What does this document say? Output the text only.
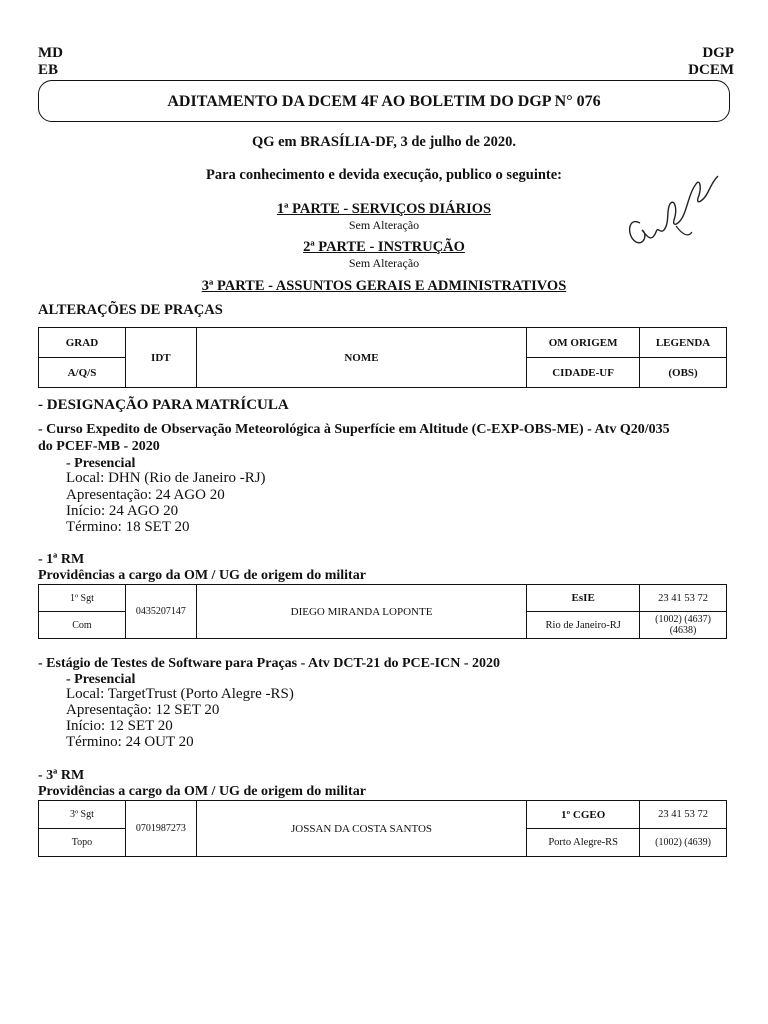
MD
EB
DGP
DCEM
ADITAMENTO DA DCEM 4F AO BOLETIM DO DGP N° 076
QG em BRASÍLIA-DF, 3 de julho de 2020.
Para conhecimento e devida execução, publico o seguinte:
1ª PARTE - SERVIÇOS DIÁRIOS
Sem Alteração
2ª PARTE - INSTRUÇÃO
Sem Alteração
3ª PARTE - ASSUNTOS GERAIS E ADMINISTRATIVOS
ALTERAÇÕES DE PRAÇAS
GRAD	IDT	NOME	OM ORIGEM	LEGENDA
A/Q/S			CIDADE-UF	(OBS)
- DESIGNAÇÃO PARA MATRÍCULA
- Curso Expedito de Observação Meteorológica à Superfície em Altitude (C-EXP-OBS-ME) - Atv Q20/035
do PCEF-MB - 2020
- Presencial
Local: DHN (Rio de Janeiro -RJ)
Apresentação: 24 AGO 20
Início: 24 AGO 20
Término: 18 SET 20
- 1ª RM
Providências a cargo da OM / UG de origem do militar
1º Sgt	0435207147	DIEGO MIRANDA LOPONTE	EsIE	23 41 53 72
Com			Rio de Janeiro-RJ	(1002) (4637)
(4638)
- Estágio de Testes de Software para Praças - Atv DCT-21 do PCE-ICN - 2020
- Presencial
Local: TargetTrust (Porto Alegre -RS)
Apresentação: 12 SET 20
Início: 12 SET 20
Término: 24 OUT 20
- 3ª RM
Providências a cargo da OM / UG de origem do militar
3º Sgt	0701987273	JOSSAN DA COSTA SANTOS	1º CGEO	23 41 53 72
Topo			Porto Alegre-RS	(1002) (4639)
